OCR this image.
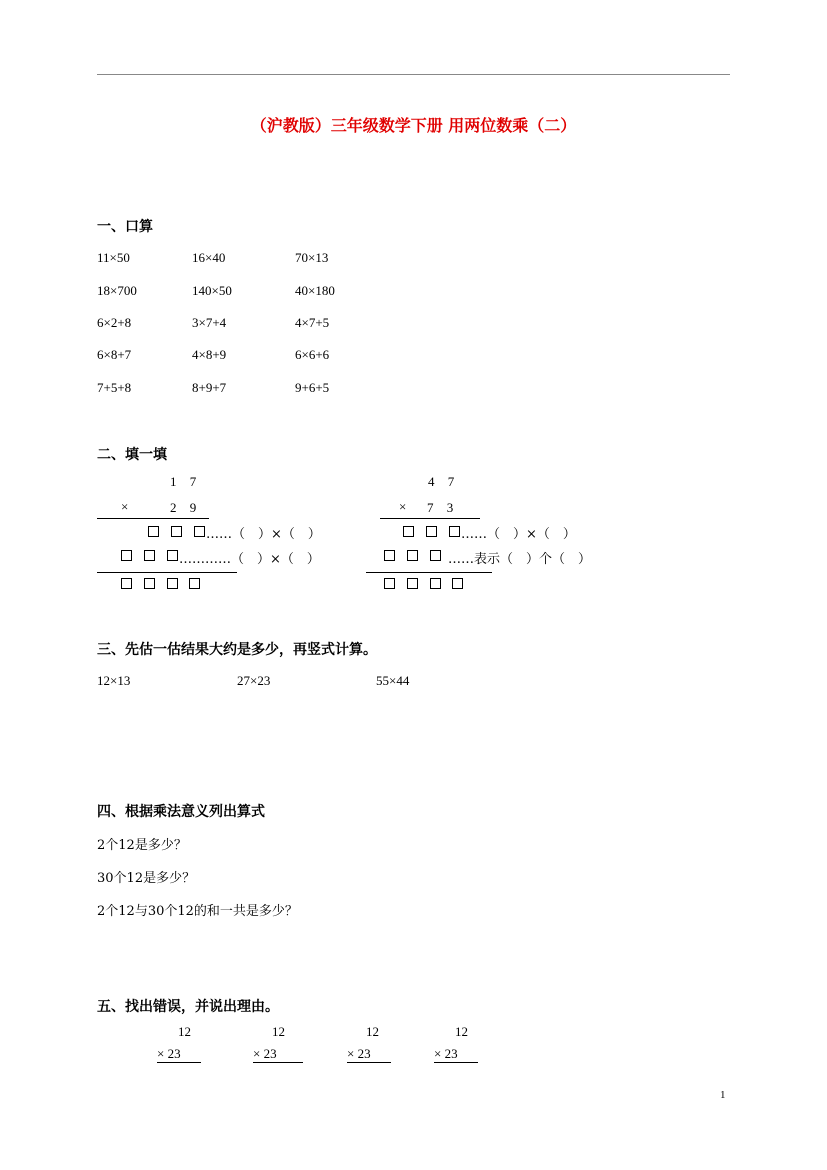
（沪教版）三年级数学下册 用两位数乘（二）
一、口算
11×50	16×40	70×13
18×700	140×50	40×180
6×2+8	3×7+4	4×7+5
6×8+7	4×8+9	6×6+6
7+5+8	8+9+7	9+6+5
二、填一填
1 7
×	2 9
……（　）×（　）
…………（　）×（　）
4 7
× 7 3
……（　）×（　）
……表示（　）个（　）
三、先估一估结果大约是多少，再竖式计算。
12×13	27×23	55×44
四、根据乘法意义列出算式
2个12是多少？
30个12是多少？
2个12与30个12的和一共是多少？
五、找出错误，并说出理由。
12
× 23
12
× 23
12
× 23
12
× 23
1
